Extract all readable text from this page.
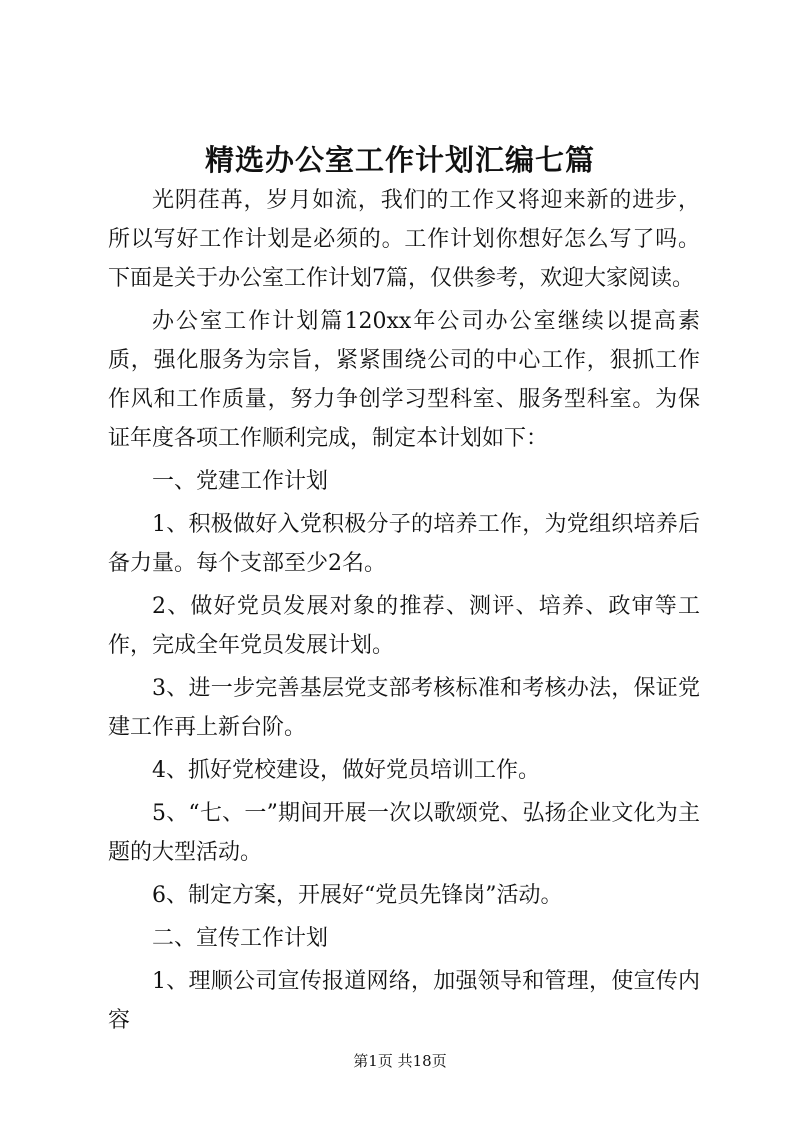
精选办公室工作计划汇编七篇

光阴荏苒，岁月如流，我们的工作又将迎来新的进步，所以写好工作计划是必须的。工作计划你想好怎么写了吗。下面是关于办公室工作计划7篇，仅供参考，欢迎大家阅读。

办公室工作计划篇120xx年公司办公室继续以提高素质，强化服务为宗旨，紧紧围绕公司的中心工作，狠抓工作作风和工作质量，努力争创学习型科室、服务型科室。为保证年度各项工作顺利完成，制定本计划如下：

一、党建工作计划

1、积极做好入党积极分子的培养工作，为党组织培养后备力量。每个支部至少2名。

2、做好党员发展对象的推荐、测评、培养、政审等工作，完成全年党员发展计划。

3、进一步完善基层党支部考核标准和考核办法，保证党建工作再上新台阶。

4、抓好党校建设，做好党员培训工作。

5、“七、一”期间开展一次以歌颂党、弘扬企业文化为主题的大型活动。

6、制定方案，开展好“党员先锋岗”活动。

二、宣传工作计划

1、理顺公司宣传报道网络，加强领导和管理，使宣传内容

第1页 共18页
